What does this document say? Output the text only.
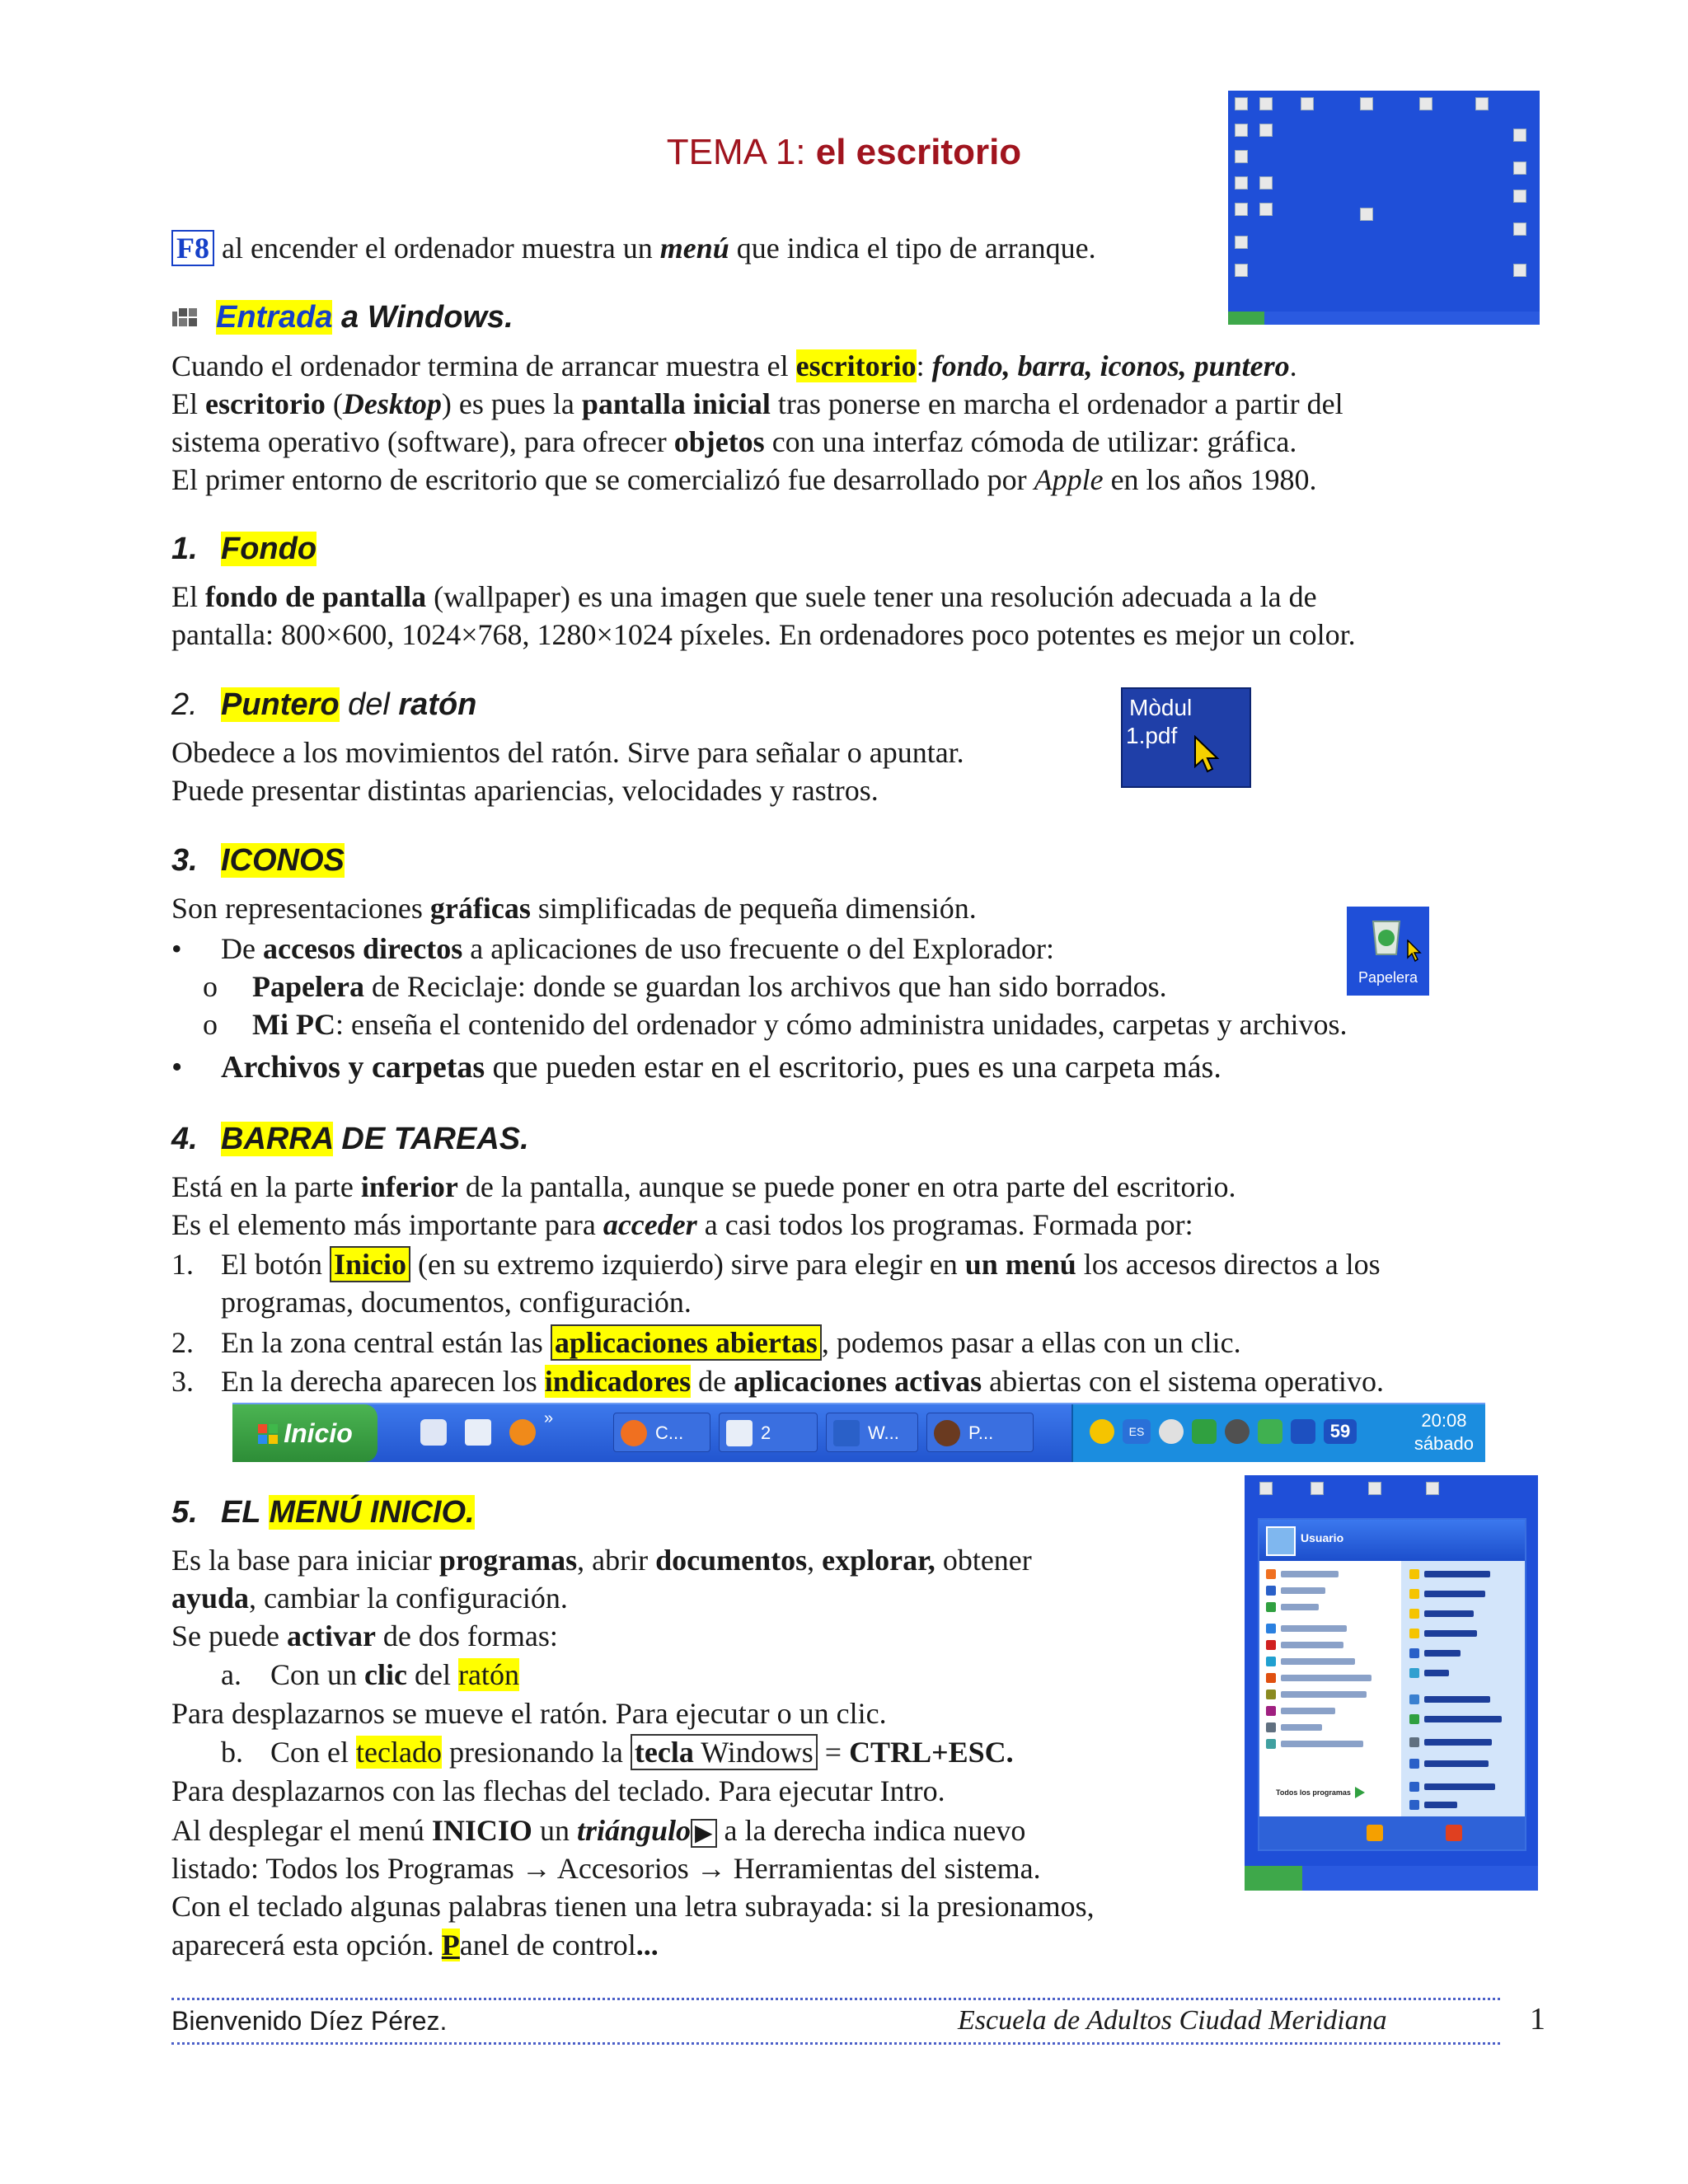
TEMA 1: el escritorio
F8 al encender el ordenador muestra un menú que indica el tipo de arranque.
Entrada a Windows.
Cuando el ordenador termina de arrancar muestra el escritorio: fondo, barra, iconos, puntero.
El escritorio (Desktop) es pues la pantalla inicial tras ponerse en marcha el ordenador a partir del
sistema operativo (software), para ofrecer objetos con una interfaz cómoda de utilizar: gráfica.
El primer entorno de escritorio que se comercializó fue desarrollado por Apple en los años 1980.
1. Fondo
El fondo de pantalla (wallpaper) es una imagen que suele tener una resolución adecuada a la de
pantalla: 800×600, 1024×768, 1280×1024 píxeles. En ordenadores poco potentes es mejor un color.
2. Puntero del ratón
Obedece a los movimientos del ratón. Sirve para señalar o apuntar.
Puede presentar distintas apariencias, velocidades y rastros.
Mòdul
1.pdf
3. ICONOS
Son representaciones gráficas simplificadas de pequeña dimensión.
• De accesos directos a aplicaciones de uso frecuente o del Explorador:
o Papelera de Reciclaje: donde se guardan los archivos que han sido borrados.
o Mi PC: enseña el contenido del ordenador y cómo administra unidades, carpetas y archivos.
• Archivos y carpetas que pueden estar en el escritorio, pues es una carpeta más.
Papelera
4. BARRA DE TAREAS.
Está en la parte inferior de la pantalla, aunque se puede poner en otra parte del escritorio.
Es el elemento más importante para acceder a casi todos los programas. Formada por:
1. El botón Inicio (en su extremo izquierdo) sirve para elegir en un menú los accesos directos a los
programas, documentos, configuración.
2. En la zona central están las aplicaciones abiertas , podemos pasar a ellas con un clic.
3. En la derecha aparecen los indicadores de aplicaciones activas abiertas con el sistema operativo.
Inicio	»
C...	2	W...	P...	ES	59
20:08
sábado
5. EL MENÚ INICIO.
Es la base para iniciar programas, abrir documentos, explorar, obtener
ayuda, cambiar la configuración.
Se puede activar de dos formas:
a. Con un clic del ratón
Para desplazarnos se mueve el ratón. Para ejecutar o un clic.
b. Con el teclado presionando la tecla Windows = CTRL+ESC.
Para desplazarnos con las flechas del teclado. Para ejecutar Intro.
Al desplegar el menú INICIO un triángulo ▶ a la derecha indica nuevo
listado: Todos los Programas → Accesorios → Herramientas del sistema.
Con el teclado algunas palabras tienen una letra subrayada: si la presionamos,
aparecerá esta opción. Panel de control...
Usuario
Todos los programas
Bienvenido Díez Pérez.	Escuela de Adultos Ciudad Meridiana	1
